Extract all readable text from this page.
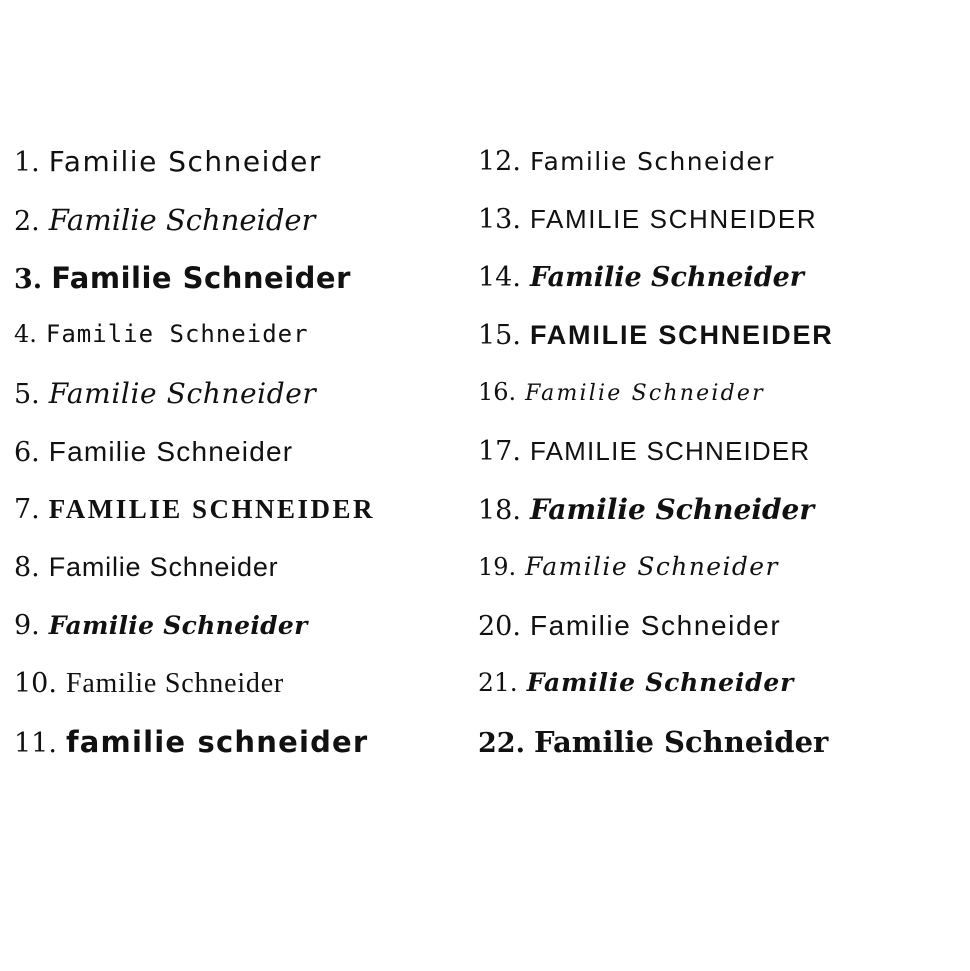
1. Familie Schneider
2. Familie Schneider
3. Familie Schneider
4. Familie Schneider
5. Familie Schneider
6. Familie Schneider
7. FAMILIE SCHNEIDER
8. Familie Schneider
9. Familie Schneider
10. Familie Schneider
11. familie schneider
12. Familie Schneider
13. FAMILIE SCHNEIDER
14. Familie Schneider
15. FAMILIE SCHNEIDER
16. Familie Schneider
17. FAMILIE SCHNEIDER
18. Familie Schneider
19. Familie Schneider
20. Familie Schneider
21. Familie Schneider
22. Familie Schneider
